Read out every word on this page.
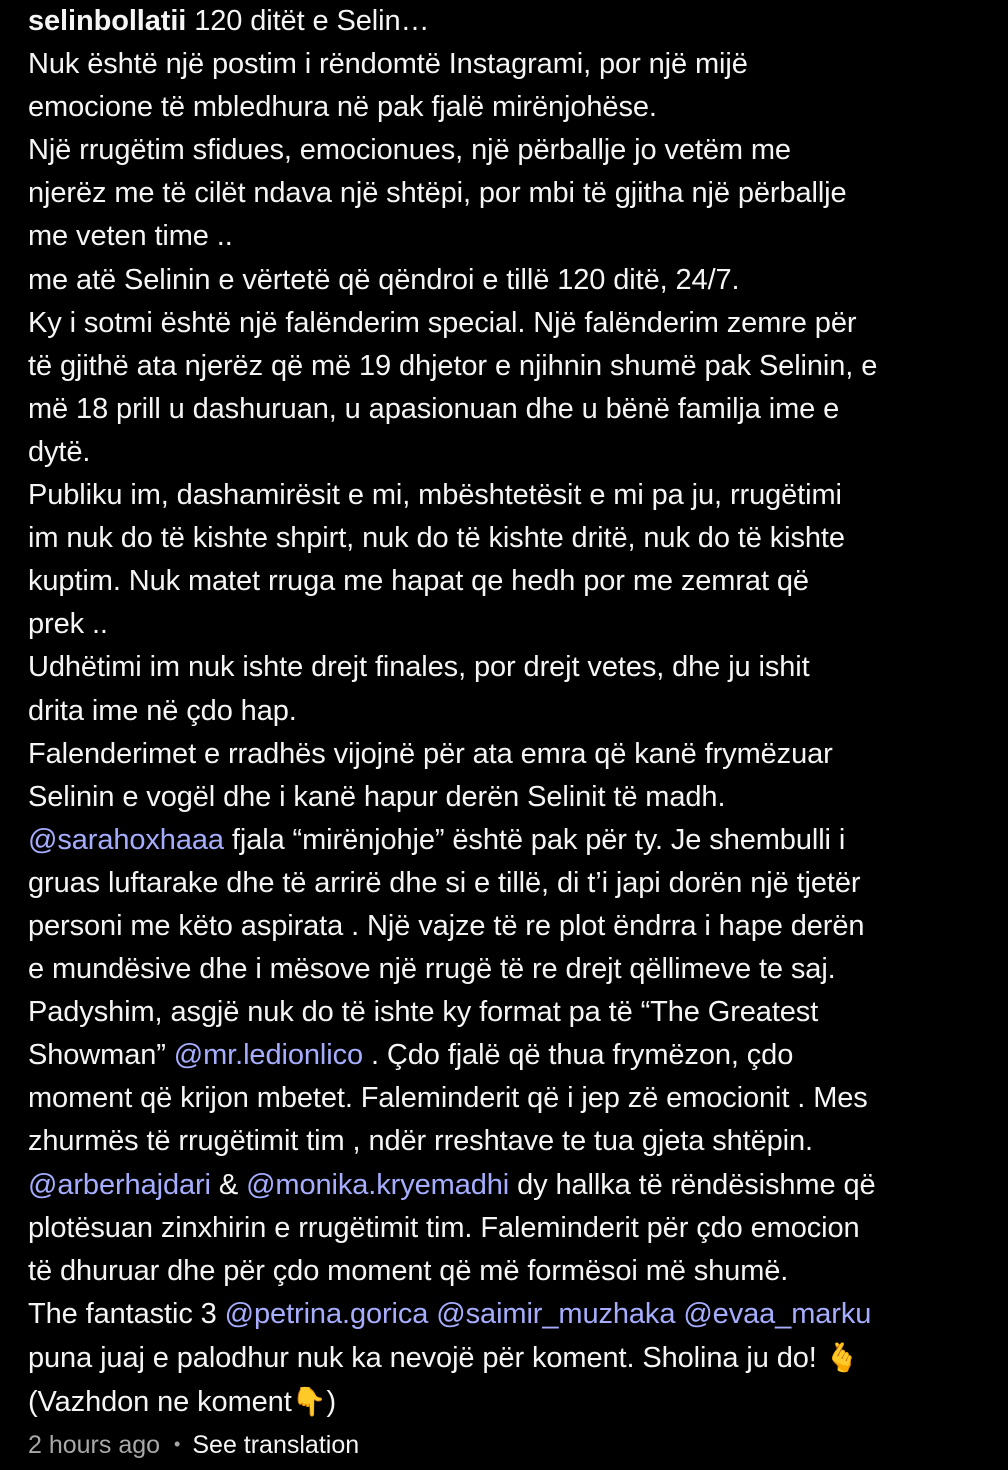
selinbollatii 120 ditët e Selin…
Nuk është një postim i rëndomtë Instagrami, por një mijë
emocione të mbledhura në pak fjalë mirënjohëse.
Një rrugëtim sfidues, emocionues, një përballje jo vetëm me
njerëz me të cilët ndava një shtëpi, por mbi të gjitha një përballje
me veten time ..
me atë Selinin e vërtetë që qëndroi e tillë 120 ditë, 24/7.
Ky i sotmi është një falënderim special. Një falënderim zemre për
të gjithë ata njerëz që më 19 dhjetor e njihnin shumë pak Selinin, e
më 18 prill u dashuruan, u apasionuan dhe u bënë familja ime e
dytë.
Publiku im, dashamirësit e mi, mbështetësit e mi pa ju, rrugëtimi
im nuk do të kishte shpirt, nuk do të kishte dritë, nuk do të kishte
kuptim. Nuk matet rruga me hapat qe hedh por me zemrat që
prek ..
Udhëtimi im nuk ishte drejt finales, por drejt vetes, dhe ju ishit
drita ime në çdo hap.
Falenderimet e rradhës vijojnë për ata emra që kanë frymëzuar
Selinin e vogël dhe i kanë hapur derën Selinit të madh.
@sarahoxhaaa fjala “mirënjohje” është pak për ty. Je shembulli i
gruas luftarake dhe të arrirë dhe si e tillë, di t’i japi dorën një tjetër
personi me këto aspirata . Një vajze të re plot ëndrra i hape derën
e mundësive dhe i mësove një rrugë të re drejt qëllimeve te saj.
Padyshim, asgjë nuk do të ishte ky format pa të “The Greatest
Showman” @mr.ledionlico . Çdo fjalë që thua frymëzon, çdo
moment që krijon mbetet. Faleminderit që i jep zë emocionit . Mes
zhurmës të rrugëtimit tim , ndër rreshtave te tua gjeta shtëpin.
@arberhajdari & @monika.kryemadhi dy hallka të rëndësishme që
plotësuan zinxhirin e rrugëtimit tim. Faleminderit për çdo emocion
të dhuruar dhe për çdo moment që më formësoi më shumë.
The fantastic 3 @petrina.gorica @saimir_muzhaka @evaa_marku
puna juaj e palodhur nuk ka nevojë për koment. Sholina ju do! 🫰
(Vazhdon ne koment👇)
2 hours ago • See translation
